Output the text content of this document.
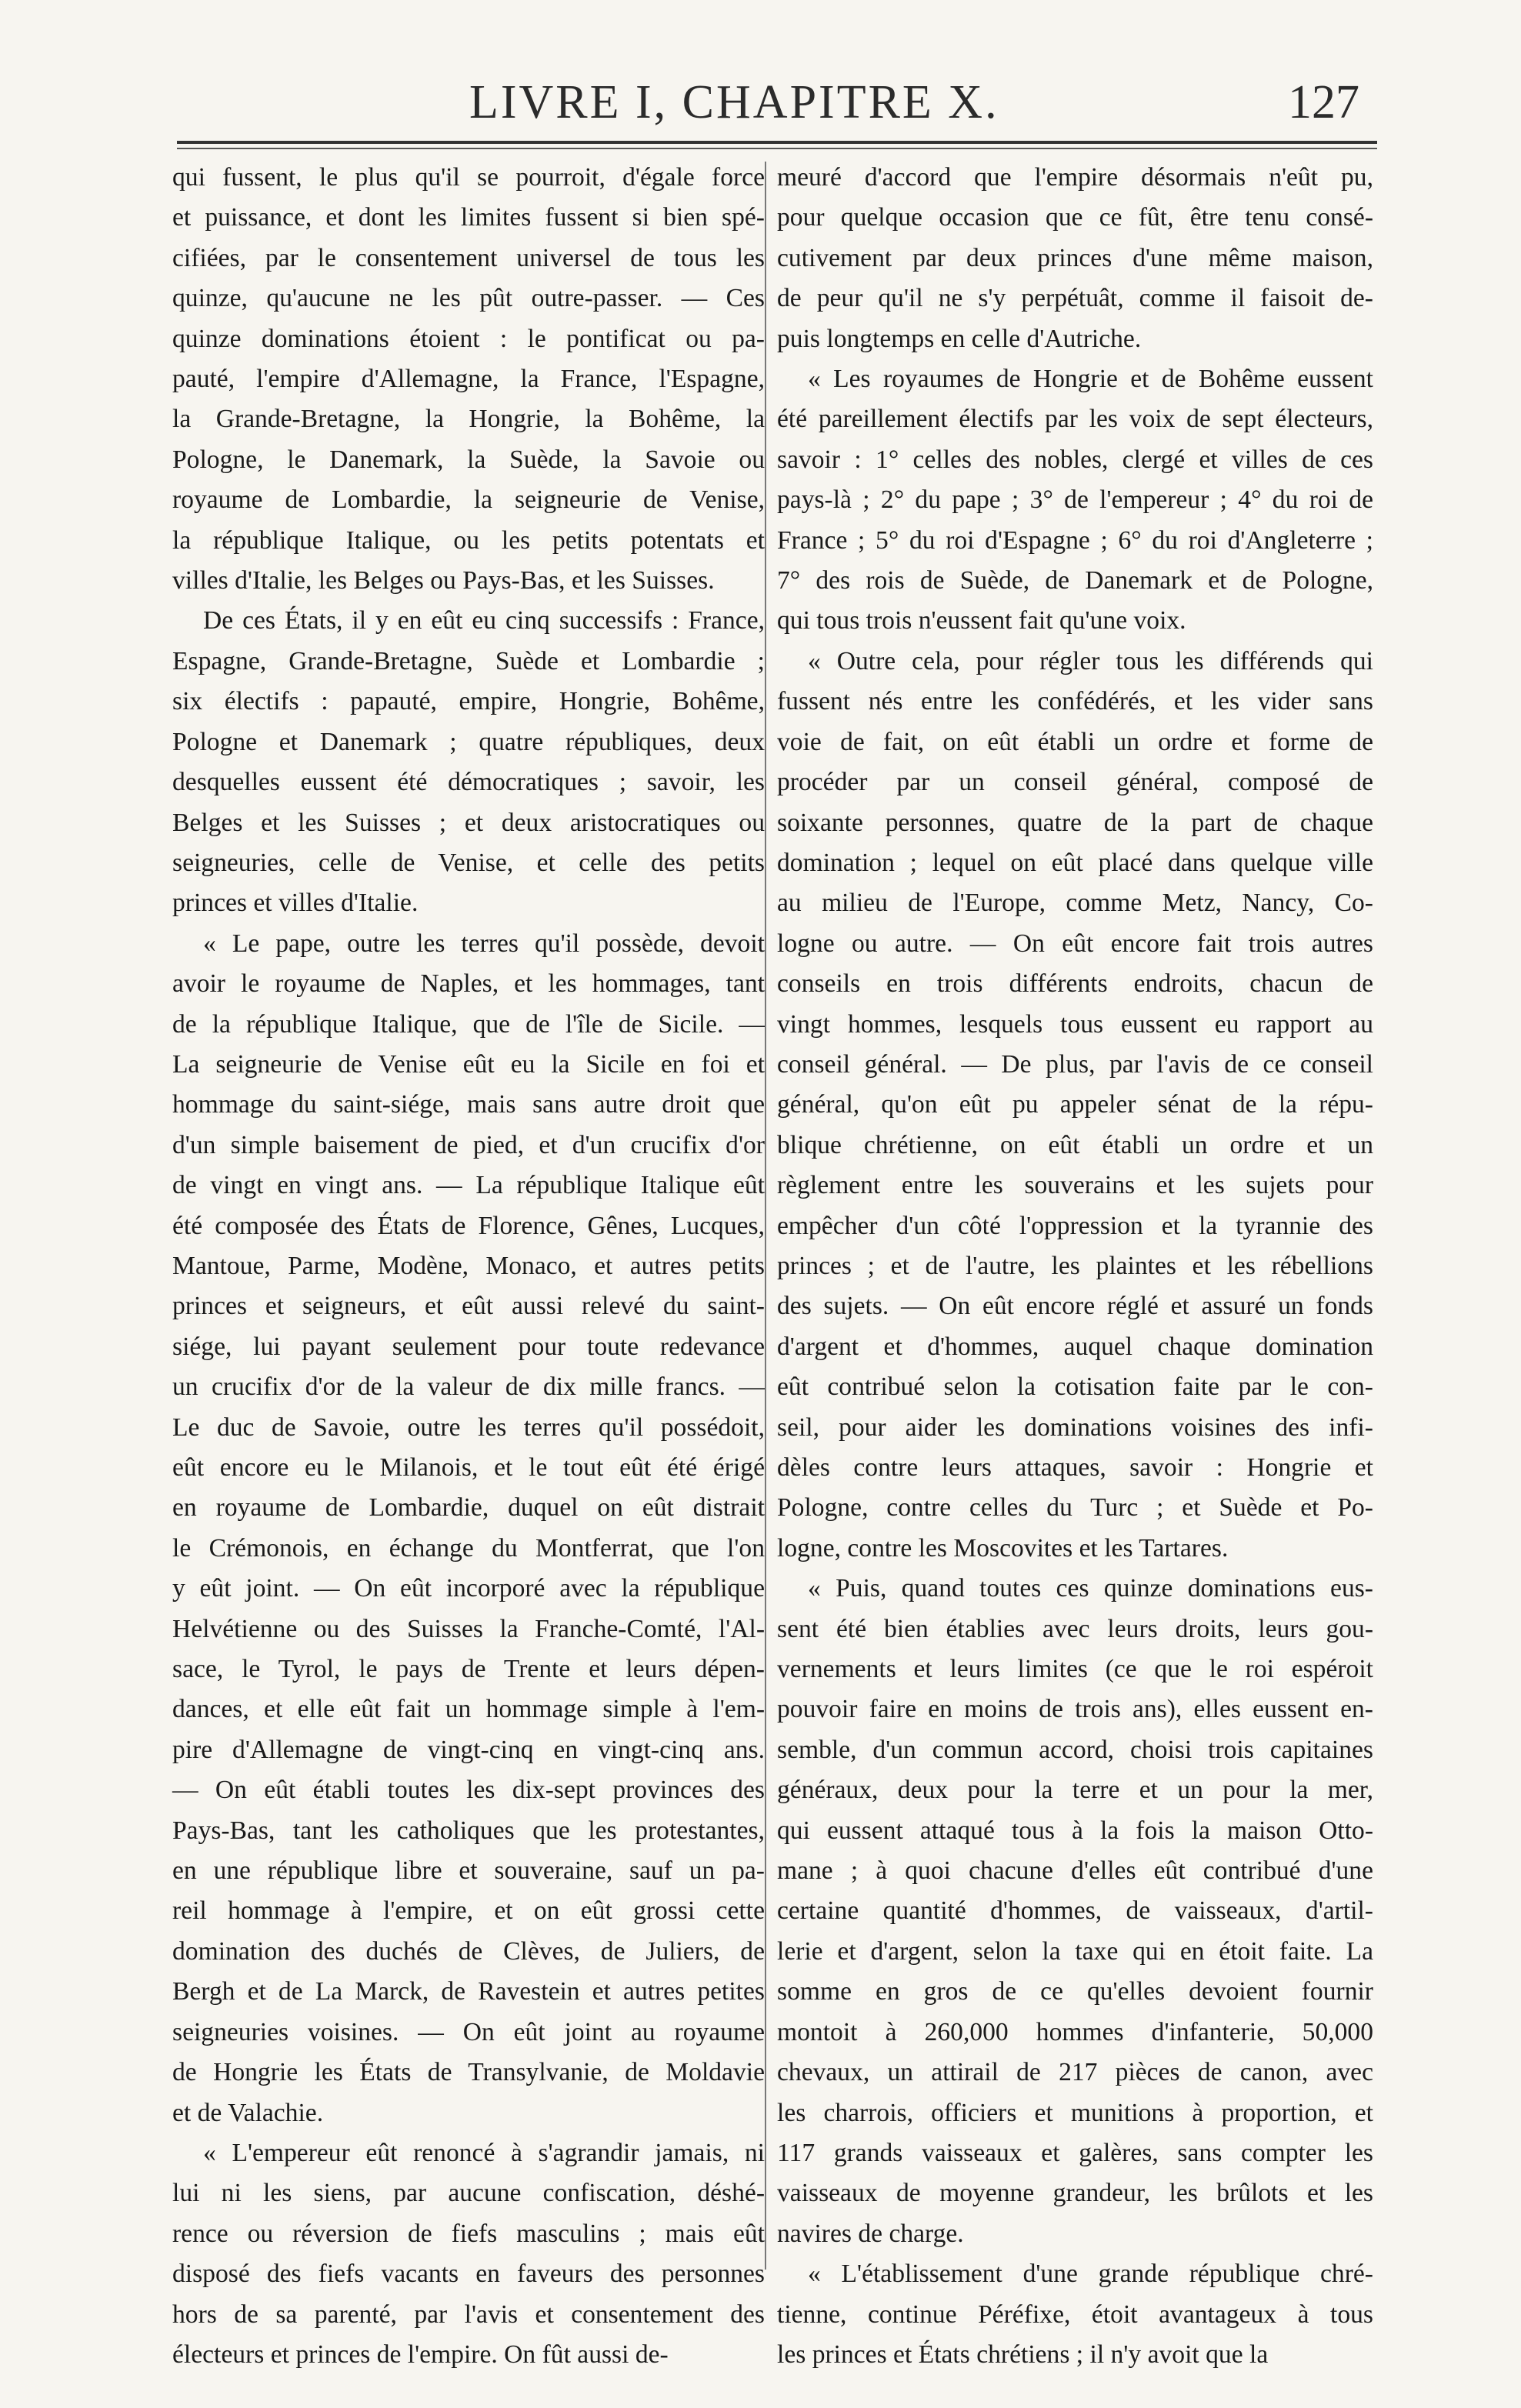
LIVRE I, CHAPITRE X.	127
qui fussent, le plus qu'il se pourroit, d'égale force
et puissance, et dont les limites fussent si bien spé-
cifiées, par le consentement universel de tous les
quinze, qu'aucune ne les pût outre-passer. — Ces
quinze dominations étoient : le pontificat ou pa-
pauté, l'empire d'Allemagne, la France, l'Espagne,
la Grande-Bretagne, la Hongrie, la Bohême, la
Pologne, le Danemark, la Suède, la Savoie ou
royaume de Lombardie, la seigneurie de Venise,
la république Italique, ou les petits potentats et
villes d'Italie, les Belges ou Pays-Bas, et les Suisses.
De ces États, il y en eût eu cinq successifs : France,
Espagne, Grande-Bretagne, Suède et Lombardie ;
six électifs : papauté, empire, Hongrie, Bohême,
Pologne et Danemark ; quatre républiques, deux
desquelles eussent été démocratiques ; savoir, les
Belges et les Suisses ; et deux aristocratiques ou
seigneuries, celle de Venise, et celle des petits
princes et villes d'Italie.
« Le pape, outre les terres qu'il possède, devoit
avoir le royaume de Naples, et les hommages, tant
de la république Italique, que de l'île de Sicile. —
La seigneurie de Venise eût eu la Sicile en foi et
hommage du saint-siége, mais sans autre droit que
d'un simple baisement de pied, et d'un crucifix d'or
de vingt en vingt ans. — La république Italique eût
été composée des États de Florence, Gênes, Lucques,
Mantoue, Parme, Modène, Monaco, et autres petits
princes et seigneurs, et eût aussi relevé du saint-
siége, lui payant seulement pour toute redevance
un crucifix d'or de la valeur de dix mille francs. —
Le duc de Savoie, outre les terres qu'il possédoit,
eût encore eu le Milanois, et le tout eût été érigé
en royaume de Lombardie, duquel on eût distrait
le Crémonois, en échange du Montferrat, que l'on
y eût joint. — On eût incorporé avec la république
Helvétienne ou des Suisses la Franche-Comté, l'Al-
sace, le Tyrol, le pays de Trente et leurs dépen-
dances, et elle eût fait un hommage simple à l'em-
pire d'Allemagne de vingt-cinq en vingt-cinq ans.
— On eût établi toutes les dix-sept provinces des
Pays-Bas, tant les catholiques que les protestantes,
en une république libre et souveraine, sauf un pa-
reil hommage à l'empire, et on eût grossi cette
domination des duchés de Clèves, de Juliers, de
Bergh et de La Marck, de Ravestein et autres petites
seigneuries voisines. — On eût joint au royaume
de Hongrie les États de Transylvanie, de Moldavie
et de Valachie.
« L'empereur eût renoncé à s'agrandir jamais, ni
lui ni les siens, par aucune confiscation, déshé-
rence ou réversion de fiefs masculins ; mais eût
disposé des fiefs vacants en faveurs des personnes
hors de sa parenté, par l'avis et consentement des
électeurs et princes de l'empire. On fût aussi de-
meuré d'accord que l'empire désormais n'eût pu,
pour quelque occasion que ce fût, être tenu consé-
cutivement par deux princes d'une même maison,
de peur qu'il ne s'y perpétuât, comme il faisoit de-
puis longtemps en celle d'Autriche.
« Les royaumes de Hongrie et de Bohême eussent
été pareillement électifs par les voix de sept électeurs,
savoir : 1° celles des nobles, clergé et villes de ces
pays-là ; 2° du pape ; 3° de l'empereur ; 4° du roi de
France ; 5° du roi d'Espagne ; 6° du roi d'Angleterre ;
7° des rois de Suède, de Danemark et de Pologne,
qui tous trois n'eussent fait qu'une voix.
« Outre cela, pour régler tous les différends qui
fussent nés entre les confédérés, et les vider sans
voie de fait, on eût établi un ordre et forme de
procéder par un conseil général, composé de
soixante personnes, quatre de la part de chaque
domination ; lequel on eût placé dans quelque ville
au milieu de l'Europe, comme Metz, Nancy, Co-
logne ou autre. — On eût encore fait trois autres
conseils en trois différents endroits, chacun de
vingt hommes, lesquels tous eussent eu rapport au
conseil général. — De plus, par l'avis de ce conseil
général, qu'on eût pu appeler sénat de la répu-
blique chrétienne, on eût établi un ordre et un
règlement entre les souverains et les sujets pour
empêcher d'un côté l'oppression et la tyrannie des
princes ; et de l'autre, les plaintes et les rébellions
des sujets. — On eût encore réglé et assuré un fonds
d'argent et d'hommes, auquel chaque domination
eût contribué selon la cotisation faite par le con-
seil, pour aider les dominations voisines des infi-
dèles contre leurs attaques, savoir : Hongrie et
Pologne, contre celles du Turc ; et Suède et Po-
logne, contre les Moscovites et les Tartares.
« Puis, quand toutes ces quinze dominations eus-
sent été bien établies avec leurs droits, leurs gou-
vernements et leurs limites (ce que le roi espéroit
pouvoir faire en moins de trois ans), elles eussent en-
semble, d'un commun accord, choisi trois capitaines
généraux, deux pour la terre et un pour la mer,
qui eussent attaqué tous à la fois la maison Otto-
mane ; à quoi chacune d'elles eût contribué d'une
certaine quantité d'hommes, de vaisseaux, d'artil-
lerie et d'argent, selon la taxe qui en étoit faite. La
somme en gros de ce qu'elles devoient fournir
montoit à 260,000 hommes d'infanterie, 50,000
chevaux, un attirail de 217 pièces de canon, avec
les charrois, officiers et munitions à proportion, et
117 grands vaisseaux et galères, sans compter les
vaisseaux de moyenne grandeur, les brûlots et les
navires de charge.
« L'établissement d'une grande république chré-
tienne, continue Péréfixe, étoit avantageux à tous
les princes et États chrétiens ; il n'y avoit que la
